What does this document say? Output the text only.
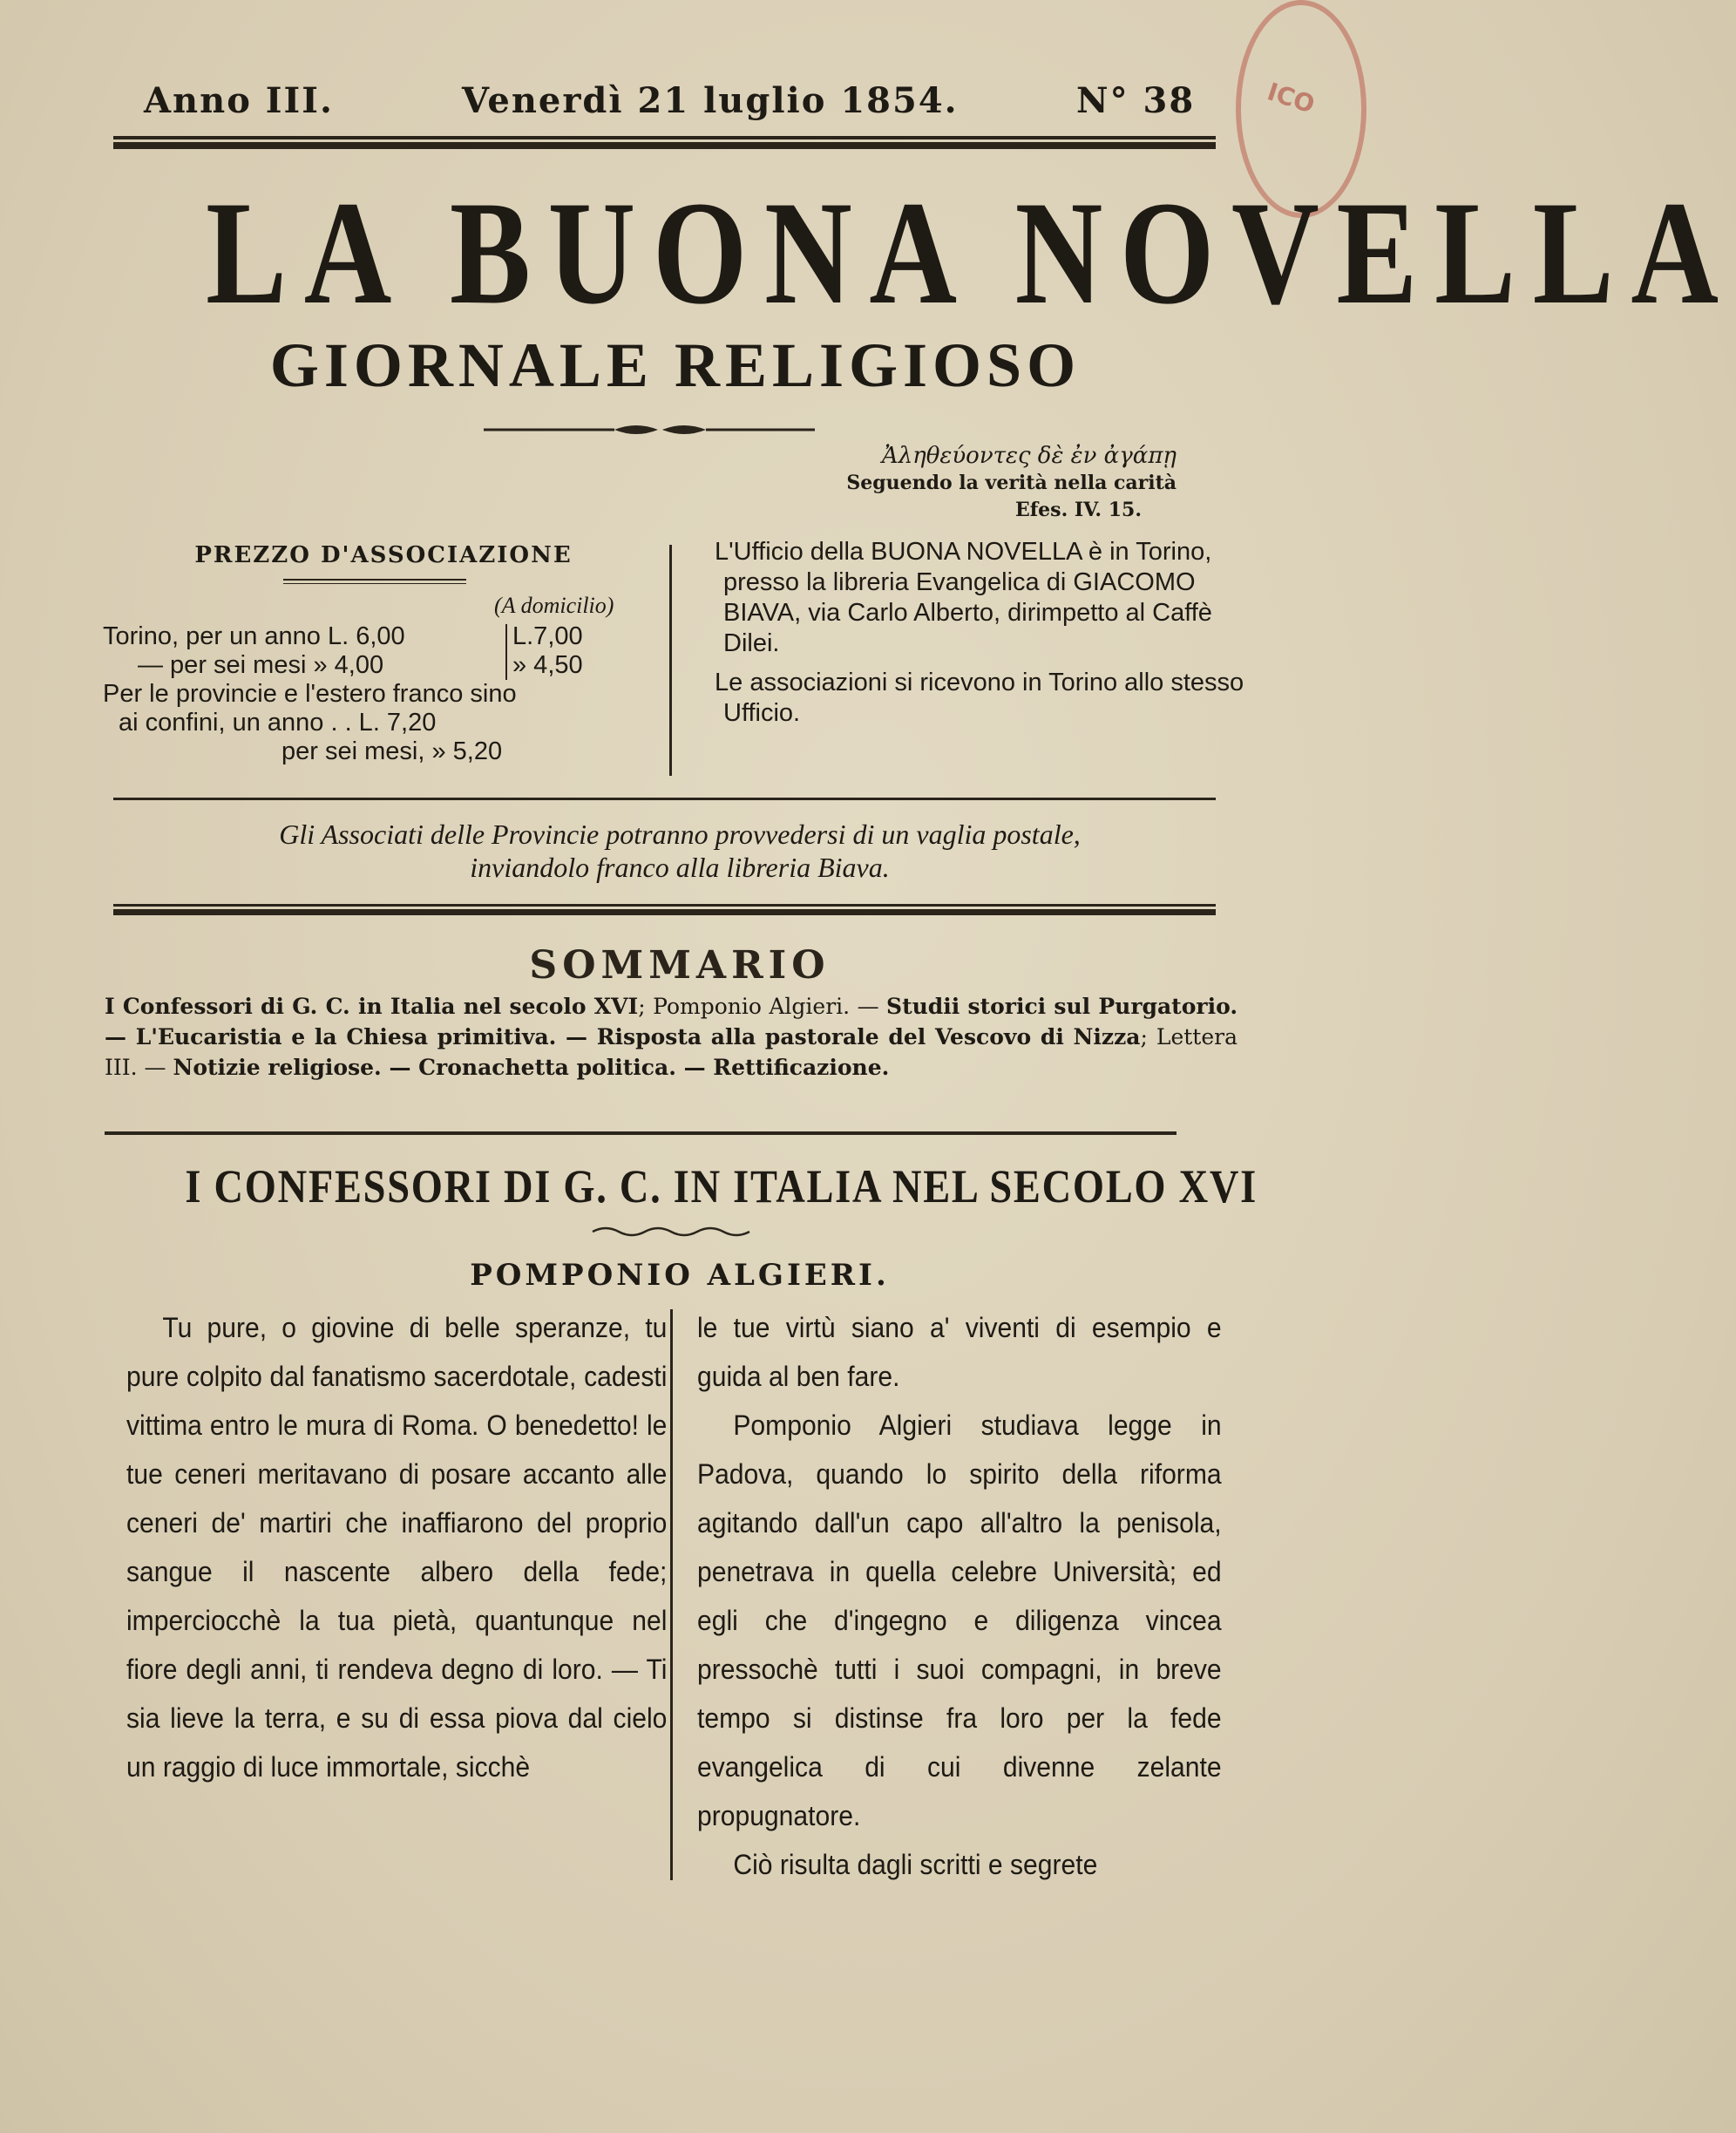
ICO
Anno III.	Venerdì 21 luglio 1854.	N° 38
LA BUONA NOVELLA
GIORNALE RELIGIOSO
Ἀληθεύοντες δὲ ἐν ἀγάπῃ
Seguendo la verità nella carità
Efes. IV. 15.
PREZZO D'ASSOCIAZIONE
(A domicilio)
Torino, per un anno L. 6,00	L.7,00
— per sei mesi » 4,00	» 4,50
Per le provincie e l'estero franco sino
ai confini, un anno . . L. 7,20
per sei mesi, » 5,20

L'Ufficio della BUONA NOVELLA è in Torino, presso la libreria Evangelica di GIACOMO BIAVA, via Carlo Alberto, dirimpetto al Caffè Dilei.

Le associazioni si ricevono in Torino allo stesso Ufficio.

Gli Associati delle Provincie potranno provvedersi di un vaglia postale,
inviandolo franco alla libreria Biava.
SOMMARIO
I Confessori di G. C. in Italia nel secolo XVI; Pomponio Algieri. — Studii storici sul Purgatorio. — L'Eucaristia e la Chiesa primitiva. — Risposta alla pastorale del Vescovo di Nizza; Lettera III. — Notizie religiose. — Cronachetta politica. — Rettificazione.
I CONFESSORI DI G. C. IN ITALIA NEL SECOLO XVI
POMPONIO ALGIERI.

Tu pure, o giovine di belle speranze, tu pure colpito dal fanatismo sacerdotale, cadesti vittima entro le mura di Roma. O benedetto! le tue ceneri meritavano di posare accanto alle ceneri de' martiri che inaffiarono del proprio sangue il nascente albero della fede; imperciocchè la tua pietà, quantunque nel fiore degli anni, ti rendeva degno di loro. — Ti sia lieve la terra, e su di essa piova dal cielo un raggio di luce immortale, sicchè

le tue virtù siano a' viventi di esempio e guida al ben fare.

Pomponio Algieri studiava legge in Padova, quando lo spirito della riforma agitando dall'un capo all'altro la penisola, penetrava in quella celebre Università; ed egli che d'ingegno e diligenza vincea pressochè tutti i suoi compagni, in breve tempo si distinse fra loro per la fede evangelica di cui divenne zelante propugnatore.

Ciò risulta dagli scritti e segrete
